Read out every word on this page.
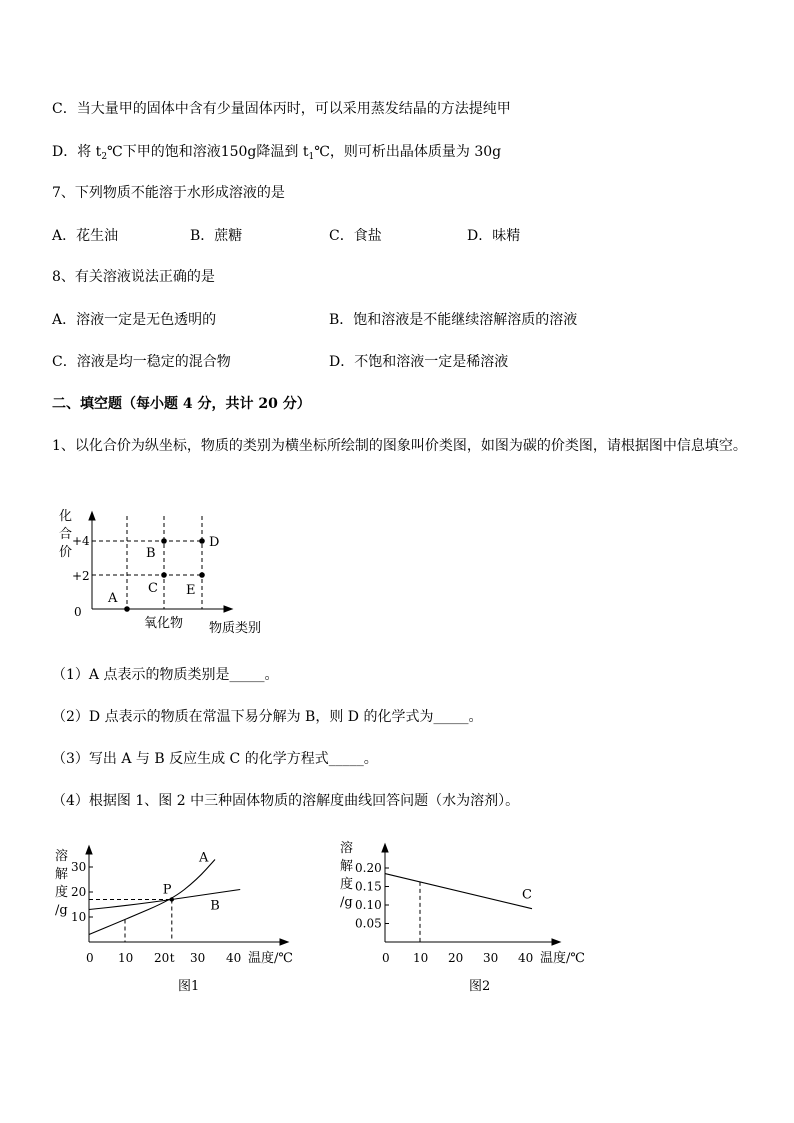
C．当大量甲的固体中含有少量固体丙时，可以采用蒸发结晶的方法提纯甲
D．将 $t_2℃$下甲的饱和溶液150g降温到 $t_1℃$，则可析出晶体质量为 30g
7、下列物质不能溶于水形成溶液的是
A．花生油	B．蔗糖	C．食盐	D．味精
8、有关溶液说法正确的是
A．溶液一定是无色透明的	B．饱和溶液是不能继续溶解溶质的溶液
C．溶液是均一稳定的混合物	D．不饱和溶液一定是稀溶液
二、填空题（每小题 4 分，共计 20 分）
1、以化合价为纵坐标，物质的类别为横坐标所绘制的图象叫价类图，如图为碳的价类图，请根据图中信息填空。
化
合
价
+4
+2
0
A
B
C
D
E
氧化物 物质类别
（1）A 点表示的物质类别是_____。
（2）D 点表示的物质在常温下易分解为 B，则 D 的化学式为_____。
（3）写出 A 与 B 反应生成 C 的化学方程式_____。
（4）根据图 1、图 2 中三种固体物质的溶解度曲线回答问题（水为溶剂）。
溶
解
度
/g
温度/℃
图1
10
20
30
0 10 20 t 30 40
A
B
P
溶
解
度
/g
温度/℃
图2
0.05
0.10
0.15
0.20
0 10 20 30 40
C
